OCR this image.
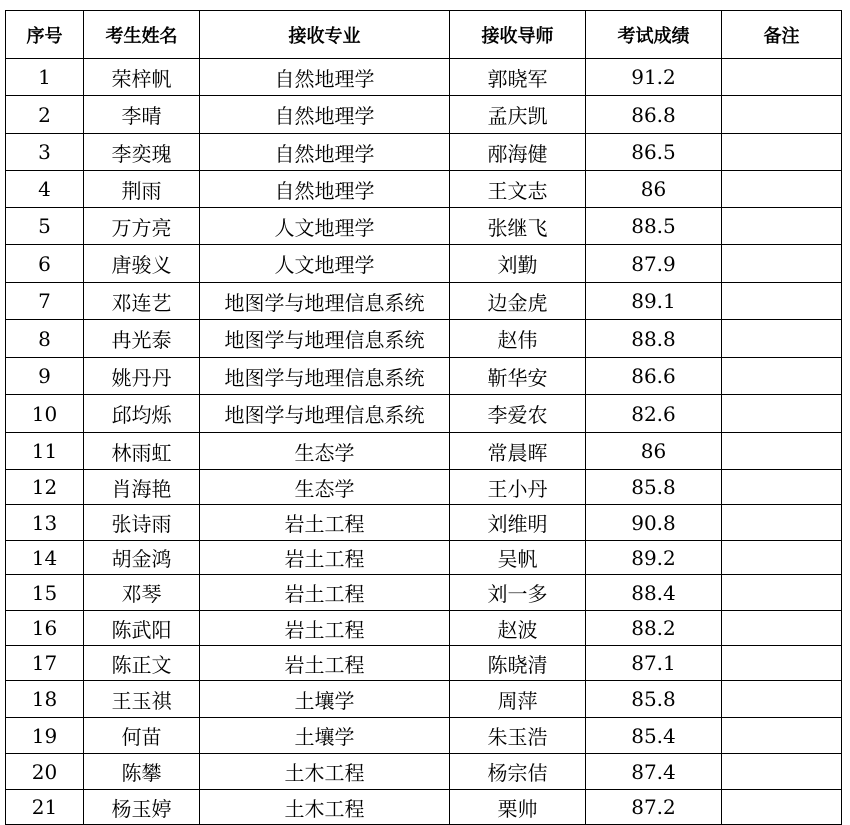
序号	考生姓名	接收专业	接收导师	考试成绩	备注
1	荣梓帆	自然地理学	郭晓军	91.2	
2	李晴	自然地理学	孟庆凯	86.8	
3	李奕瑰	自然地理学	邴海健	86.5	
4	荆雨	自然地理学	王文志	86	
5	万方亮	人文地理学	张继飞	88.5	
6	唐骏义	人文地理学	刘勤	87.9	
7	邓连艺	地图学与地理信息系统	边金虎	89.1	
8	冉光泰	地图学与地理信息系统	赵伟	88.8	
9	姚丹丹	地图学与地理信息系统	靳华安	86.6	
10	邱均烁	地图学与地理信息系统	李爱农	82.6	
11	林雨虹	生态学	常晨晖	86	
12	肖海艳	生态学	王小丹	85.8	
13	张诗雨	岩土工程	刘维明	90.8	
14	胡金鸿	岩土工程	吴帆	89.2	
15	邓琴	岩土工程	刘一多	88.4	
16	陈武阳	岩土工程	赵波	88.2	
17	陈正文	岩土工程	陈晓清	87.1	
18	王玉祺	土壤学	周萍	85.8	
19	何苗	土壤学	朱玉浩	85.4	
20	陈攀	土木工程	杨宗佶	87.4	
21	杨玉婷	土木工程	栗帅	87.2	
